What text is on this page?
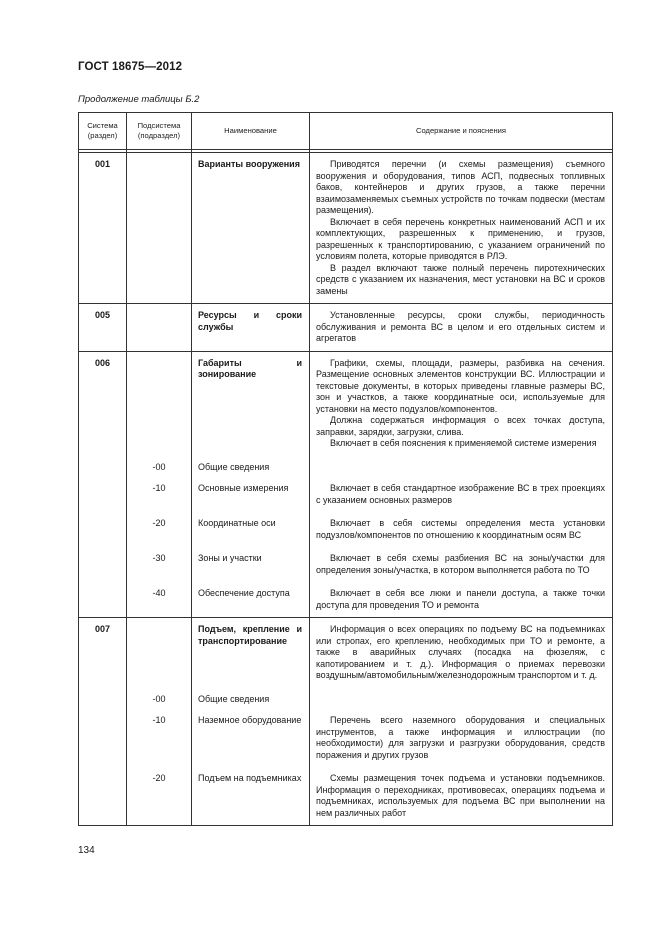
ГОСТ 18675—2012
Продолжение таблицы Б.2
Система (раздел)	Подсистема (подраздел)	Наименование	Содержание и пояснения

001		Варианты вооружения	Приводятся перечни (и схемы размещения) съемного вооружения и оборудования, типов АСП, подвесных топливных баков, контейнеров и других грузов, а также перечни взаимозаменяемых съемных устройств по точкам подвески (местам размещения).

Включает в себя перечень конкретных наименований АСП и их комплектующих, разрешенных к применению, и грузов, разрешенных к транспортированию, с указанием ограничений по условиям полета, которые приводятся в РЛЭ.

В раздел включают также полный перечень пиротехнических средств с указанием их назначения, мест установки на ВС и сроков замены

005		Ресурсы и сроки службы	Установленные ресурсы, сроки службы, периодичность обслуживания и ремонта ВС в целом и его отдельных систем и агрегатов

006		Габариты и зонирование	Графики, схемы, площади, размеры, разбивка на сечения. Размещение основных элементов конструкции ВС. Иллюстрации и текстовые документы, в которых приведены главные размеры ВС, зон и участков, а также координатные оси, используемые для установки на место подузлов/компонентов.

Должна содержаться информация о всех точках доступа, заправки, зарядки, загрузки, слива.

Включает в себя пояснения к применяемой системе измерения

	-00	Общие сведения	

	-10	Основные измерения	Включает в себя стандартное изображение ВС в трех проекциях с указанием основных размеров

	-20	Координатные оси	Включает в себя системы определения места установки подузлов/компонентов по отношению к координатным осям ВС

	-30	Зоны и участки	Включает в себя схемы разбиения ВС на зоны/участки для определения зоны/участка, в котором выполняется работа по ТО

	-40	Обеспечение доступа	Включает в себя все люки и панели доступа, а также точки доступа для проведения ТО и ремонта

007		Подъем, крепление и транспортирование	Информация о всех операциях по подъему ВС на подъемниках или стропах, его креплению, необходимых при ТО и ремонте, а также в аварийных случаях (посадка на фюзеляж, с капотированием и т. д.). Информация о приемах перевозки воздушным/автомобильным/железнодорожным транспортом и т. д.

	-00	Общие сведения	

	-10	Наземное оборудование	Перечень всего наземного оборудования и специальных инструментов, а также информация и иллюстрации (по необходимости) для загрузки и разгрузки оборудования, средств поражения и других грузов

	-20	Подъем на подъемниках	Схемы размещения точек подъема и установки подъемников. Информация о переходниках, противовесах, операциях подъема и подъемниках, используемых для подъема ВС при выполнении на нем различных работ

134
